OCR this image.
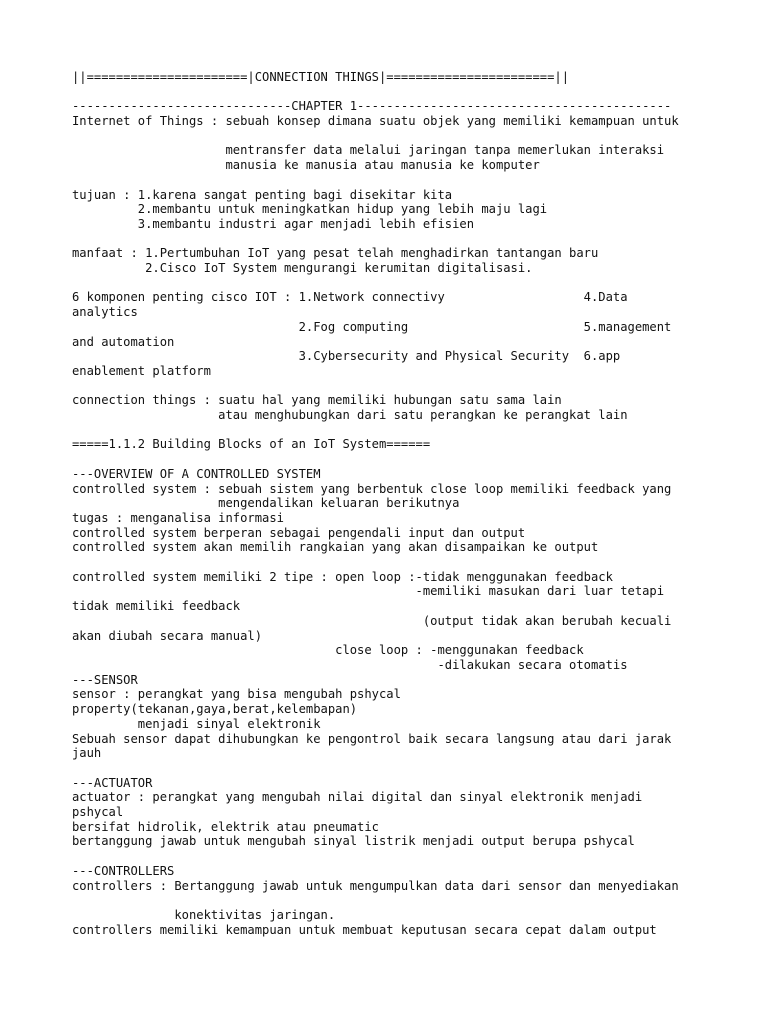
||======================|CONNECTION THINGS|=======================||
------------------------------CHAPTER 1-------------------------------------------
Internet of Things : sebuah konsep dimana suatu objek yang memiliki kemampuan untuk
mentransfer data melalui jaringan tanpa memerlukan interaksi
manusia ke manusia atau manusia ke komputer
tujuan : 1.karena sangat penting bagi disekitar kita
2.membantu untuk meningkatkan hidup yang lebih maju lagi
3.membantu industri agar menjadi lebih efisien
manfaat : 1.Pertumbuhan IoT yang pesat telah menghadirkan tantangan baru
2.Cisco IoT System mengurangi kerumitan digitalisasi.
6 komponen penting cisco IOT : 1.Network connectivy                   4.Data
analytics
2.Fog computing                        5.management
and automation
3.Cybersecurity and Physical Security  6.app
enablement platform
connection things : suatu hal yang memiliki hubungan satu sama lain
atau menghubungkan dari satu perangkan ke perangkat lain
=====1.1.2 Building Blocks of an IoT System======
---OVERVIEW OF A CONTROLLED SYSTEM
controlled system : sebuah sistem yang berbentuk close loop memiliki feedback yang
mengendalikan keluaran berikutnya
tugas : menganalisa informasi
controlled system berperan sebagai pengendali input dan output
controlled system akan memilih rangkaian yang akan disampaikan ke output
controlled system memiliki 2 tipe : open loop :-tidak menggunakan feedback
-memiliki masukan dari luar tetapi
tidak memiliki feedback
(output tidak akan berubah kecuali
akan diubah secara manual)
close loop : -menggunakan feedback
-dilakukan secara otomatis
---SENSOR
sensor : perangkat yang bisa mengubah pshycal
property(tekanan,gaya,berat,kelembapan)
menjadi sinyal elektronik
Sebuah sensor dapat dihubungkan ke pengontrol baik secara langsung atau dari jarak
jauh
---ACTUATOR
actuator : perangkat yang mengubah nilai digital dan sinyal elektronik menjadi
pshycal
bersifat hidrolik, elektrik atau pneumatic
bertanggung jawab untuk mengubah sinyal listrik menjadi output berupa pshycal
---CONTROLLERS
controllers : Bertanggung jawab untuk mengumpulkan data dari sensor dan menyediakan
konektivitas jaringan.
controllers memiliki kemampuan untuk membuat keputusan secara cepat dalam output
